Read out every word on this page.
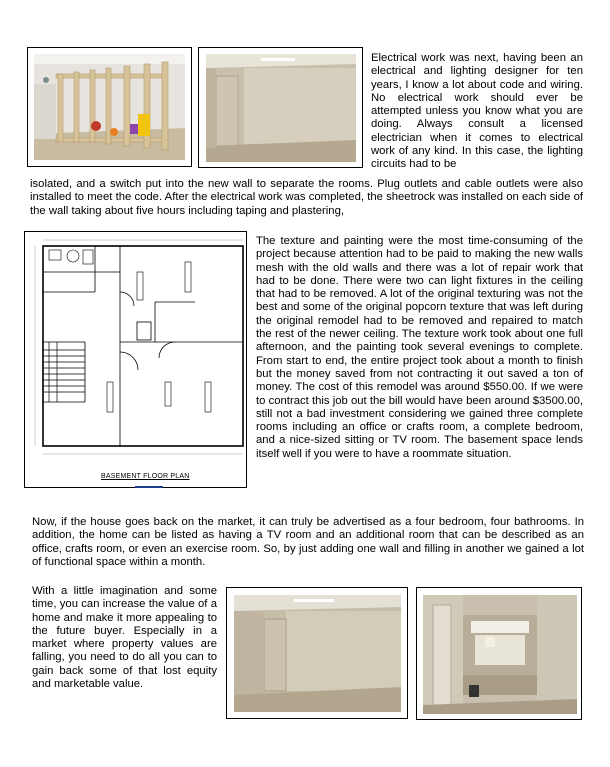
Electrical work was next, having been an electrical and lighting designer for ten years, I know a lot about code and wiring. No electrical work should ever be attempted unless you know what you are doing. Always consult a licensed electrician when it comes to electrical work of any kind. In this case, the lighting circuits had to be
isolated, and a switch put into the new wall to separate the rooms. Plug outlets and cable outlets were also installed to meet the code. After the electrical work was completed, the sheetrock was installed on each side of the wall taking about five hours including taping and plastering,
BASEMENT FLOOR PLAN
The texture and painting were the most time-consuming of the project because attention had to be paid to making the new walls mesh with the old walls and there was a lot of repair work that had to be done. There were two can light fixtures in the ceiling that had to be removed. A lot of the original texturing was not the best and some of the original popcorn texture that was left during the original remodel had to be removed and repaired to match the rest of the newer ceiling. The texture work took about one full afternoon, and the painting took several evenings to complete. From start to end, the entire project took about a month to finish but the money saved from not contracting it out saved a ton of money. The cost of this remodel was around $550.00. If we were to contract this job out the bill would have been around $3500.00, still not a bad investment considering we gained three complete rooms including an office or crafts room, a complete bedroom, and a nice-sized sitting or TV room. The basement space lends itself well if you were to have a roommate situation.
Now, if the house goes back on the market, it can truly be advertised as a four bedroom, four bathrooms. In addition, the home can be listed as having a TV room and an additional room that can be described as an office, crafts room, or even an exercise room. So, by just adding one wall and filling in another we gained a lot of functional space within a month.
With a little imagination and some time, you can increase the value of a home and make it more appealing to the future buyer. Especially in a market where property values are falling, you need to do all you can to gain back some of that lost equity and marketable value.
